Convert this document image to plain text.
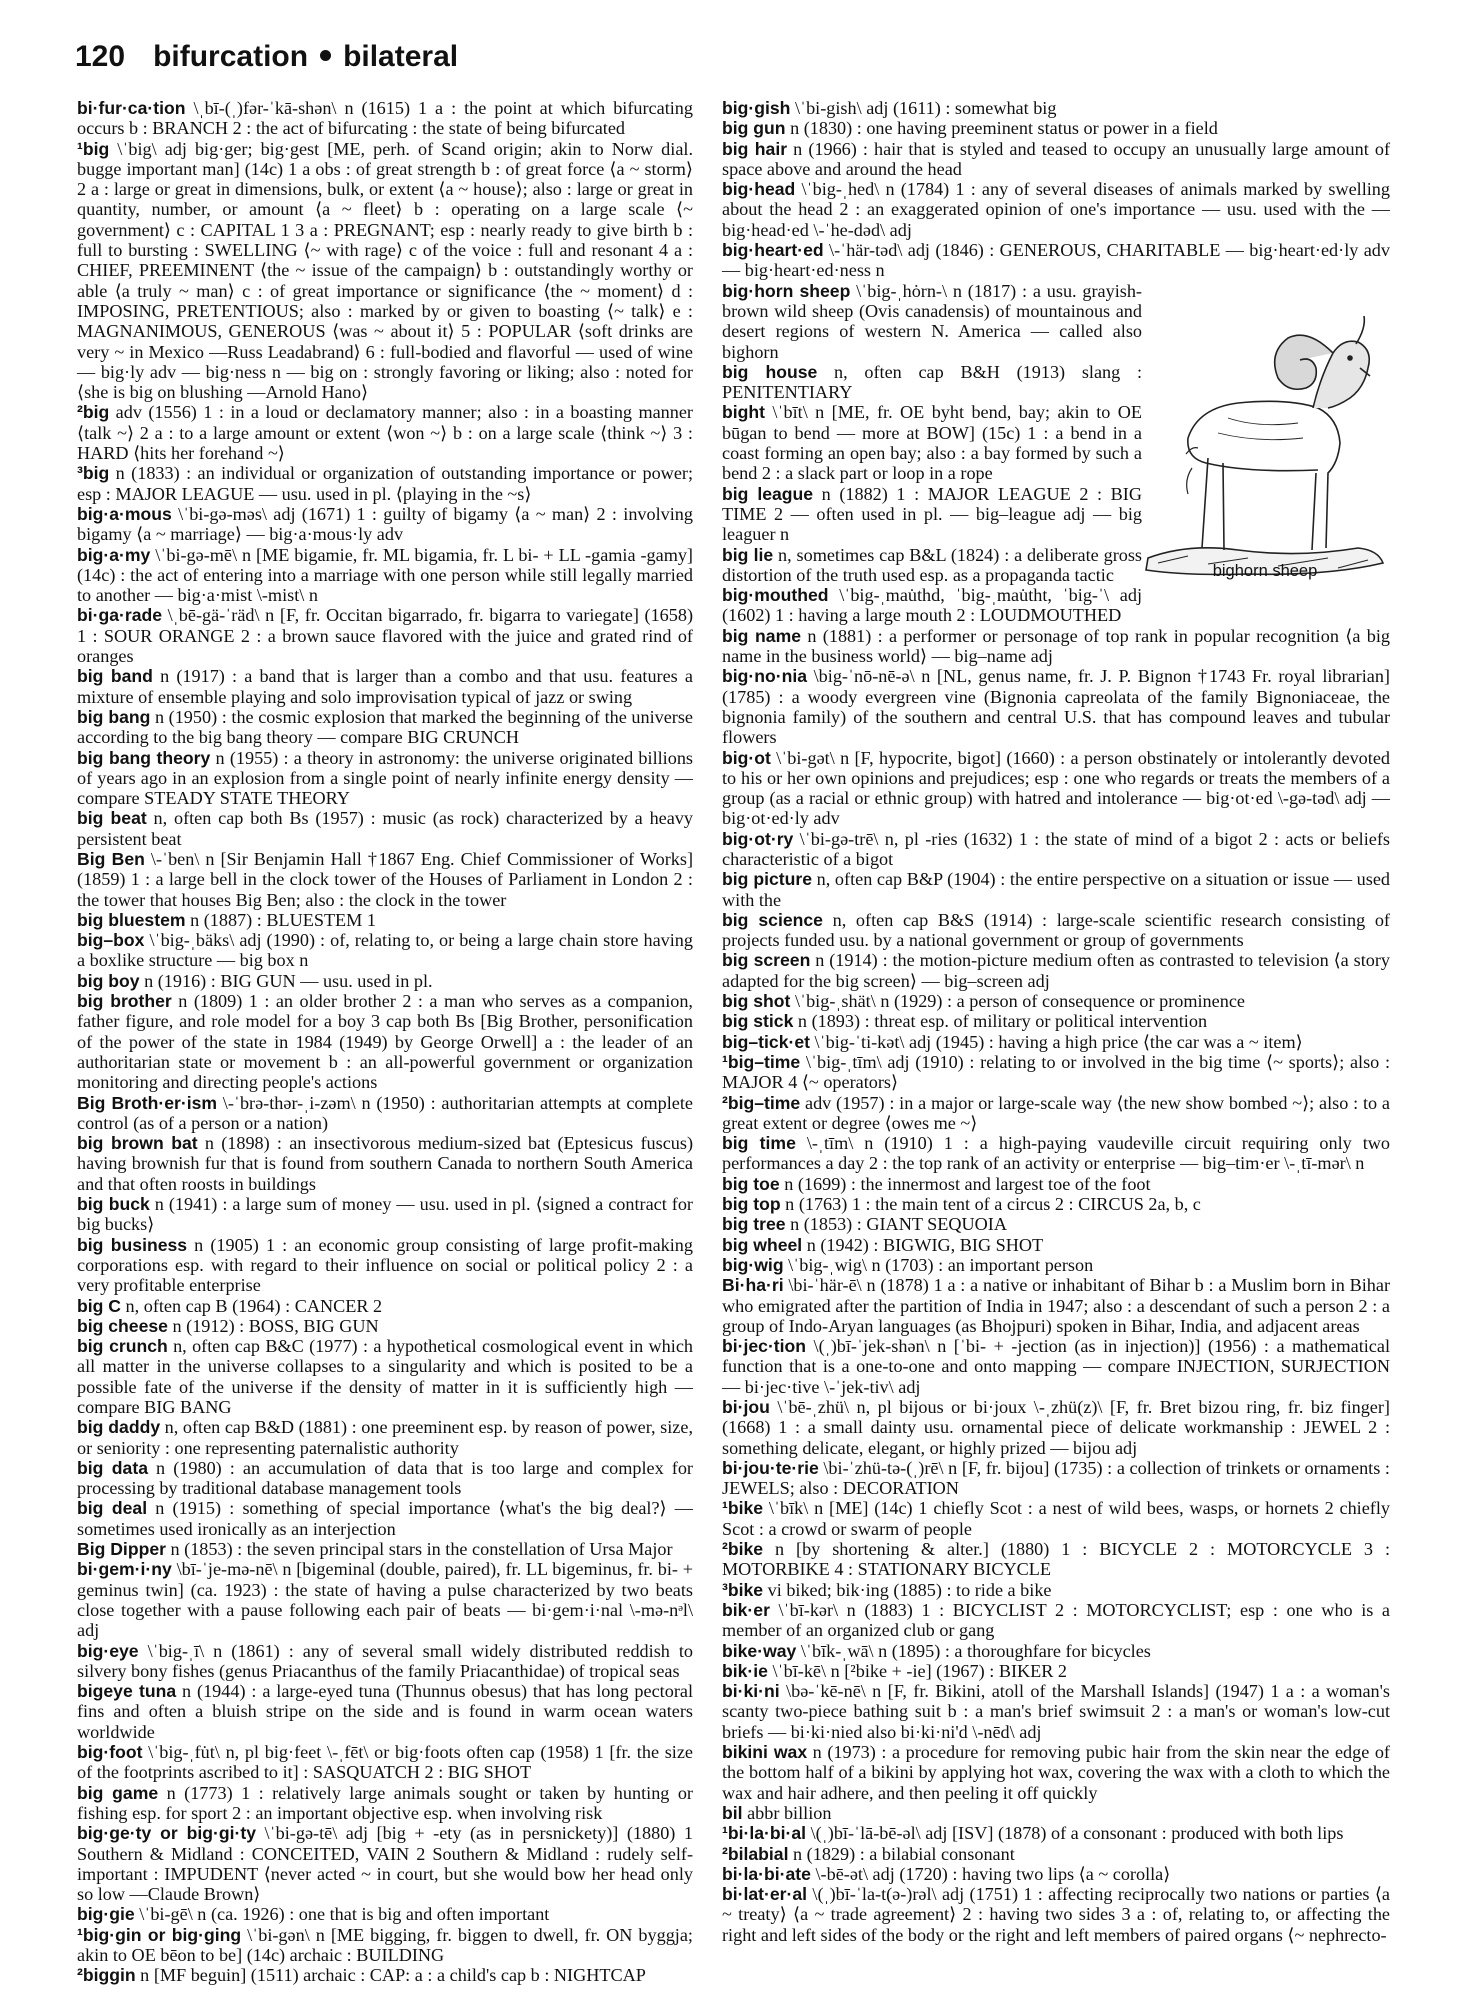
120 bifurcation bilateral

bi·fur·ca·tion \ˌbī-(ˌ)fər-ˈkā-shən\ n (1615) 1 a : the point at which bifurcating occurs b : BRANCH 2 : the act of bifurcating : the state of being bifurcated

¹big \ˈbig\ adj big·ger; big·gest [ME, perh. of Scand origin; akin to Norw dial. bugge important man] (14c) 1 a obs : of great strength b : of great force ⟨a ~ storm⟩ 2 a : large or great in dimensions, bulk, or extent ⟨a ~ house⟩; also : large or great in quantity, number, or amount ⟨a ~ fleet⟩ b : operating on a large scale ⟨~ government⟩ c : CAPITAL 1 3 a : PREGNANT; esp : nearly ready to give birth b : full to bursting : SWELLING ⟨~ with rage⟩ c of the voice : full and resonant 4 a : CHIEF, PREEMINENT ⟨the ~ issue of the campaign⟩ b : outstandingly worthy or able ⟨a truly ~ man⟩ c : of great importance or significance ⟨the ~ moment⟩ d : IMPOSING, PRETENTIOUS; also : marked by or given to boasting ⟨~ talk⟩ e : MAGNANIMOUS, GENEROUS ⟨was ~ about it⟩ 5 : POPULAR ⟨soft drinks are very ~ in Mexico —Russ Leadabrand⟩ 6 : full-bodied and flavorful — used of wine — big·ly adv — big·ness n — big on : strongly favoring or liking; also : noted for ⟨she is big on blushing —Arnold Hano⟩

²big adv (1556) 1 : in a loud or declamatory manner; also : in a boasting manner ⟨talk ~⟩ 2 a : to a large amount or extent ⟨won ~⟩ b : on a large scale ⟨think ~⟩ 3 : HARD ⟨hits her forehand ~⟩

³big n (1833) : an individual or organization of outstanding importance or power; esp : MAJOR LEAGUE — usu. used in pl. ⟨playing in the ~s⟩

big·a·mous \ˈbi-gə-məs\ adj (1671) 1 : guilty of bigamy ⟨a ~ man⟩ 2 : involving bigamy ⟨a ~ marriage⟩ — big·a·mous·ly adv

big·a·my \ˈbi-gə-mē\ n [ME bigamie, fr. ML bigamia, fr. L bi- + LL -gamia -gamy] (14c) : the act of entering into a marriage with one person while still legally married to another — big·a·mist \-mist\ n

bi·ga·rade \ˌbē-gä-ˈräd\ n [F, fr. Occitan bigarrado, fr. bigarra to variegate] (1658) 1 : SOUR ORANGE 2 : a brown sauce flavored with the juice and grated rind of oranges

big band n (1917) : a band that is larger than a combo and that usu. features a mixture of ensemble playing and solo improvisation typical of jazz or swing

big bang n (1950) : the cosmic explosion that marked the beginning of the universe according to the big bang theory — compare BIG CRUNCH

big bang theory n (1955) : a theory in astronomy: the universe originated billions of years ago in an explosion from a single point of nearly infinite energy density — compare STEADY STATE THEORY

big beat n, often cap both Bs (1957) : music (as rock) characterized by a heavy persistent beat

Big Ben \-ˈben\ n [Sir Benjamin Hall †1867 Eng. Chief Commissioner of Works] (1859) 1 : a large bell in the clock tower of the Houses of Parliament in London 2 : the tower that houses Big Ben; also : the clock in the tower

big bluestem n (1887) : BLUESTEM 1

big–box \ˈbig-ˌbäks\ adj (1990) : of, relating to, or being a large chain store having a boxlike structure — big box n

big boy n (1916) : BIG GUN — usu. used in pl.

big brother n (1809) 1 : an older brother 2 : a man who serves as a companion, father figure, and role model for a boy 3 cap both Bs [Big Brother, personification of the power of the state in 1984 (1949) by George Orwell] a : the leader of an authoritarian state or movement b : an all-powerful government or organization monitoring and directing people's actions

Big Broth·er·ism \-ˈbrə-thər-ˌi-zəm\ n (1950) : authoritarian attempts at complete control (as of a person or a nation)

big brown bat n (1898) : an insectivorous medium-sized bat (Eptesicus fuscus) having brownish fur that is found from southern Canada to northern South America and that often roosts in buildings

big buck n (1941) : a large sum of money — usu. used in pl. ⟨signed a contract for big bucks⟩

big business n (1905) 1 : an economic group consisting of large profit-making corporations esp. with regard to their influence on social or political policy 2 : a very profitable enterprise

big C n, often cap B (1964) : CANCER 2

big cheese n (1912) : BOSS, BIG GUN

big crunch n, often cap B&C (1977) : a hypothetical cosmological event in which all matter in the universe collapses to a singularity and which is posited to be a possible fate of the universe if the density of matter in it is sufficiently high — compare BIG BANG

big daddy n, often cap B&D (1881) : one preeminent esp. by reason of power, size, or seniority : one representing paternalistic authority

big data n (1980) : an accumulation of data that is too large and complex for processing by traditional database management tools

big deal n (1915) : something of special importance ⟨what's the big deal?⟩ — sometimes used ironically as an interjection

Big Dipper n (1853) : the seven principal stars in the constellation of Ursa Major

bi·gem·i·ny \bī-ˈje-mə-nē\ n [bigeminal (double, paired), fr. LL bigeminus, fr. bi- + geminus twin] (ca. 1923) : the state of having a pulse characterized by two beats close together with a pause following each pair of beats — bi·gem·i·nal \-mə-nᵊl\ adj

big·eye \ˈbig-ˌī\ n (1861) : any of several small widely distributed reddish to silvery bony fishes (genus Priacanthus of the family Priacanthidae) of tropical seas

bigeye tuna n (1944) : a large-eyed tuna (Thunnus obesus) that has long pectoral fins and often a bluish stripe on the side and is found in warm ocean waters worldwide

big·foot \ˈbig-ˌfu̇t\ n, pl big·feet \-ˌfēt\ or big·foots often cap (1958) 1 [fr. the size of the footprints ascribed to it] : SASQUATCH 2 : BIG SHOT

big game n (1773) 1 : relatively large animals sought or taken by hunting or fishing esp. for sport 2 : an important objective esp. when involving risk

big·ge·ty or big·gi·ty \ˈbi-gə-tē\ adj [big + -ety (as in persnickety)] (1880) 1 Southern & Midland : CONCEITED, VAIN 2 Southern & Midland : rudely self-important : IMPUDENT ⟨never acted ~ in court, but she would bow her head only so low —Claude Brown⟩

big·gie \ˈbi-gē\ n (ca. 1926) : one that is big and often important

¹big·gin or big·ging \ˈbi-gən\ n [ME bigging, fr. biggen to dwell, fr. ON byggja; akin to OE bēon to be] (14c) archaic : BUILDING

²biggin n [MF beguin] (1511) archaic : CAP: a : a child's cap b : NIGHTCAP

big·gish \ˈbi-gish\ adj (1611) : somewhat big

big gun n (1830) : one having preeminent status or power in a field

big hair n (1966) : hair that is styled and teased to occupy an unusually large amount of space above and around the head

big·head \ˈbig-ˌhed\ n (1784) 1 : any of several diseases of animals marked by swelling about the head 2 : an exaggerated opinion of one's importance — usu. used with the — big·head·ed \-ˈhe-dəd\ adj

big·heart·ed \-ˈhär-təd\ adj (1846) : GENEROUS, CHARITABLE — big·heart·ed·ly adv — big·heart·ed·ness n

big·horn sheep \ˈbig-ˌhȯrn-\ n (1817) : a usu. grayish-brown wild sheep (Ovis canadensis) of mountainous and desert regions of western N. America — called also bighorn

big house n, often cap B&H (1913) slang : PENITENTIARY

bight \ˈbīt\ n [ME, fr. OE byht bend, bay; akin to OE būgan to bend — more at BOW] (15c) 1 : a bend in a coast forming an open bay; also : a bay formed by such a bend 2 : a slack part or loop in a rope

big league n (1882) 1 : MAJOR LEAGUE 2 : BIG TIME 2 — often used in pl. — big–league adj — big leaguer n

big lie n, sometimes cap B&L (1824) : a deliberate gross distortion of the truth used esp. as a propaganda tactic

big·mouthed \ˈbig-ˌmau̇thd, ˈbig-ˌmau̇tht, ˈbig-ˈ\ adj (1602) 1 : having a large mouth 2 : LOUDMOUTHED

big name n (1881) : a performer or personage of top rank in popular recognition ⟨a big name in the business world⟩ — big–name adj

big·no·nia \big-ˈnō-nē-ə\ n [NL, genus name, fr. J. P. Bignon †1743 Fr. royal librarian] (1785) : a woody evergreen vine (Bignonia capreolata of the family Bignoniaceae, the bignonia family) of the southern and central U.S. that has compound leaves and tubular flowers

big·ot \ˈbi-gət\ n [F, hypocrite, bigot] (1660) : a person obstinately or intolerantly devoted to his or her own opinions and prejudices; esp : one who regards or treats the members of a group (as a racial or ethnic group) with hatred and intolerance — big·ot·ed \-gə-təd\ adj — big·ot·ed·ly adv

big·ot·ry \ˈbi-gə-trē\ n, pl -ries (1632) 1 : the state of mind of a bigot 2 : acts or beliefs characteristic of a bigot

big picture n, often cap B&P (1904) : the entire perspective on a situation or issue — used with the

big science n, often cap B&S (1914) : large-scale scientific research consisting of projects funded usu. by a national government or group of governments

big screen n (1914) : the motion-picture medium often as contrasted to television ⟨a story adapted for the big screen⟩ — big–screen adj

big shot \ˈbig-ˌshät\ n (1929) : a person of consequence or prominence

big stick n (1893) : threat esp. of military or political intervention

big–tick·et \ˈbig-ˈti-kət\ adj (1945) : having a high price ⟨the car was a ~ item⟩

¹big–time \ˈbig-ˌtīm\ adj (1910) : relating to or involved in the big time ⟨~ sports⟩; also : MAJOR 4 ⟨~ operators⟩

²big–time adv (1957) : in a major or large-scale way ⟨the new show bombed ~⟩; also : to a great extent or degree ⟨owes me ~⟩

big time \-ˌtīm\ n (1910) 1 : a high-paying vaudeville circuit requiring only two performances a day 2 : the top rank of an activity or enterprise — big–tim·er \-ˌtī-mər\ n

big toe n (1699) : the innermost and largest toe of the foot

big top n (1763) 1 : the main tent of a circus 2 : CIRCUS 2a, b, c

big tree n (1853) : GIANT SEQUOIA

big wheel n (1942) : BIGWIG, BIG SHOT

big·wig \ˈbig-ˌwig\ n (1703) : an important person

Bi·ha·ri \bi-ˈhär-ē\ n (1878) 1 a : a native or inhabitant of Bihar b : a Muslim born in Bihar who emigrated after the partition of India in 1947; also : a descendant of such a person 2 : a group of Indo-Aryan languages (as Bhojpuri) spoken in Bihar, India, and adjacent areas

bi·jec·tion \(ˌ)bī-ˈjek-shən\ n [ˈbi- + -jection (as in injection)] (1956) : a mathematical function that is a one-to-one and onto mapping — compare INJECTION, SURJECTION — bi·jec·tive \-ˈjek-tiv\ adj

bi·jou \ˈbē-ˌzhü\ n, pl bijous or bi·joux \-ˌzhü(z)\ [F, fr. Bret bizou ring, fr. biz finger] (1668) 1 : a small dainty usu. ornamental piece of delicate workmanship : JEWEL 2 : something delicate, elegant, or highly prized — bijou adj

bi·jou·te·rie \bi-ˈzhü-tə-(ˌ)rē\ n [F, fr. bijou] (1735) : a collection of trinkets or ornaments : JEWELS; also : DECORATION

¹bike \ˈbīk\ n [ME] (14c) 1 chiefly Scot : a nest of wild bees, wasps, or hornets 2 chiefly Scot : a crowd or swarm of people

²bike n [by shortening & alter.] (1880) 1 : BICYCLE 2 : MOTORCYCLE 3 : MOTORBIKE 4 : STATIONARY BICYCLE

³bike vi biked; bik·ing (1885) : to ride a bike

bik·er \ˈbī-kər\ n (1883) 1 : BICYCLIST 2 : MOTORCYCLIST; esp : one who is a member of an organized club or gang

bike·way \ˈbīk-ˌwā\ n (1895) : a thoroughfare for bicycles

bik·ie \ˈbī-kē\ n [²bike + -ie] (1967) : BIKER 2

bi·ki·ni \bə-ˈkē-nē\ n [F, fr. Bikini, atoll of the Marshall Islands] (1947) 1 a : a woman's scanty two-piece bathing suit b : a man's brief swimsuit 2 : a man's or woman's low-cut briefs — bi·ki·nied also bi·ki·ni'd \-nēd\ adj

bikini wax n (1973) : a procedure for removing pubic hair from the skin near the edge of the bottom half of a bikini by applying hot wax, covering the wax with a cloth to which the wax and hair adhere, and then peeling it off quickly

bil abbr billion

¹bi·la·bi·al \(ˌ)bī-ˈlā-bē-əl\ adj [ISV] (1878) of a consonant : produced with both lips

²bilabial n (1829) : a bilabial consonant

bi·la·bi·ate \-bē-ət\ adj (1720) : having two lips ⟨a ~ corolla⟩

bi·lat·er·al \(ˌ)bī-ˈla-t(ə-)rəl\ adj (1751) 1 : affecting reciprocally two nations or parties ⟨a ~ treaty⟩ ⟨a ~ trade agreement⟩ 2 : having two sides 3 a : of, relating to, or affecting the right and left sides of the body or the right and left members of paired organs ⟨~ nephrecto-

bighorn sheep
